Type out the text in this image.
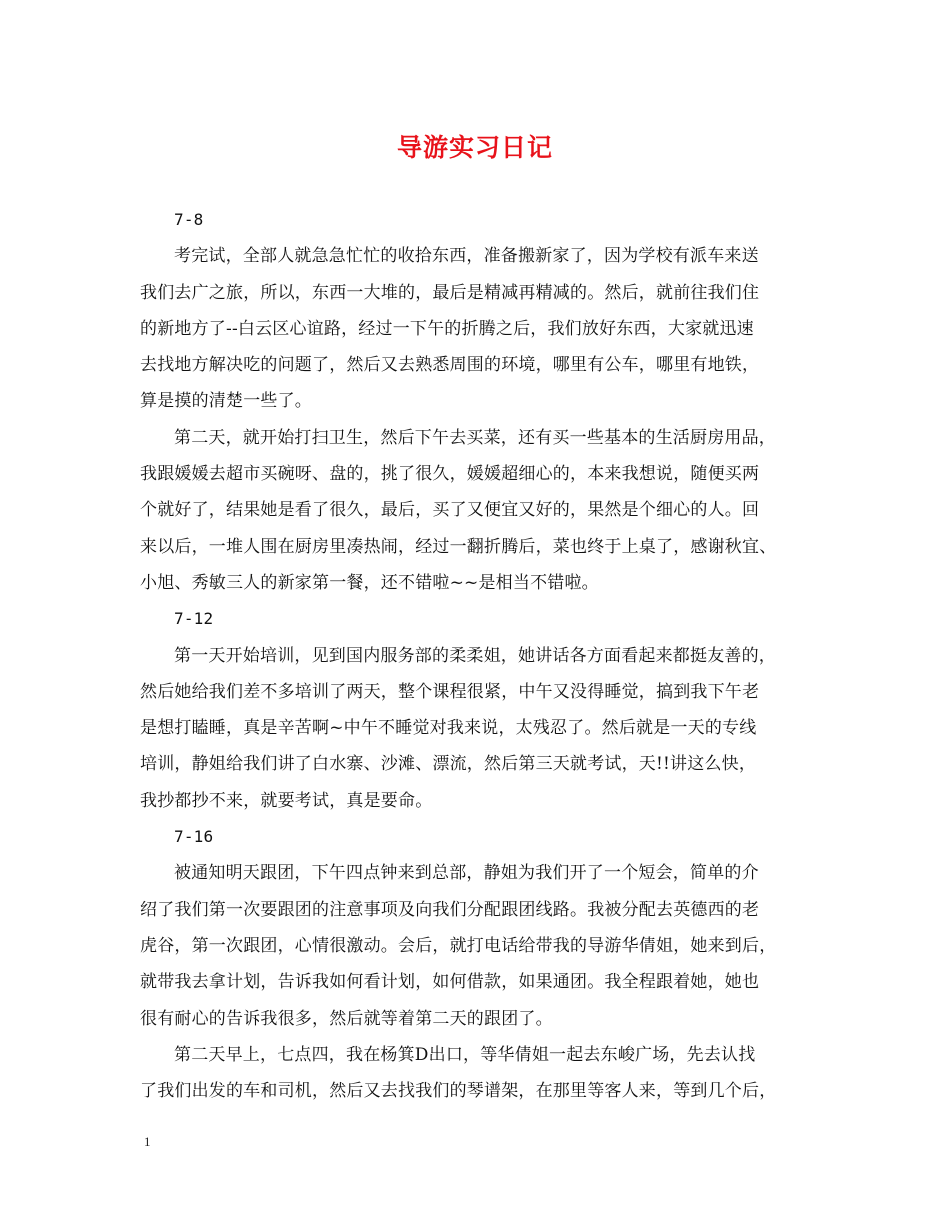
导游实习日记
7-8
考完试，全部人就急急忙忙的收拾东西，准备搬新家了，因为学校有派车来送
我们去广之旅，所以，东西一大堆的，最后是精减再精减的。然后，就前往我们住
的新地方了--白云区心谊路，经过一下午的折腾之后，我们放好东西，大家就迅速
去找地方解决吃的问题了，然后又去熟悉周围的环境，哪里有公车，哪里有地铁，
算是摸的清楚一些了。
第二天，就开始打扫卫生，然后下午去买菜，还有买一些基本的生活厨房用品，
我跟媛媛去超市买碗呀、盘的，挑了很久，媛媛超细心的，本来我想说，随便买两
个就好了，结果她是看了很久，最后，买了又便宜又好的，果然是个细心的人。回
来以后，一堆人围在厨房里凑热闹，经过一翻折腾后，菜也终于上桌了，感谢秋宜、
小旭、秀敏三人的新家第一餐，还不错啦~~是相当不错啦。
7-12
第一天开始培训，见到国内服务部的柔柔姐，她讲话各方面看起来都挺友善的，
然后她给我们差不多培训了两天，整个课程很紧，中午又没得睡觉，搞到我下午老
是想打瞌睡，真是辛苦啊~中午不睡觉对我来说，太残忍了。然后就是一天的专线
培训，静姐给我们讲了白水寨、沙滩、漂流，然后第三天就考试，天!!讲这么快，
我抄都抄不来，就要考试，真是要命。
7-16
被通知明天跟团，下午四点钟来到总部，静姐为我们开了一个短会，简单的介
绍了我们第一次要跟团的注意事项及向我们分配跟团线路。我被分配去英德西的老
虎谷，第一次跟团，心情很激动。会后，就打电话给带我的导游华倩姐，她来到后，
就带我去拿计划，告诉我如何看计划，如何借款，如果通团。我全程跟着她，她也
很有耐心的告诉我很多，然后就等着第二天的跟团了。
第二天早上，七点四，我在杨箕D出口，等华倩姐一起去东峻广场，先去认找
了我们出发的车和司机，然后又去找我们的琴谱架，在那里等客人来，等到几个后，
1
